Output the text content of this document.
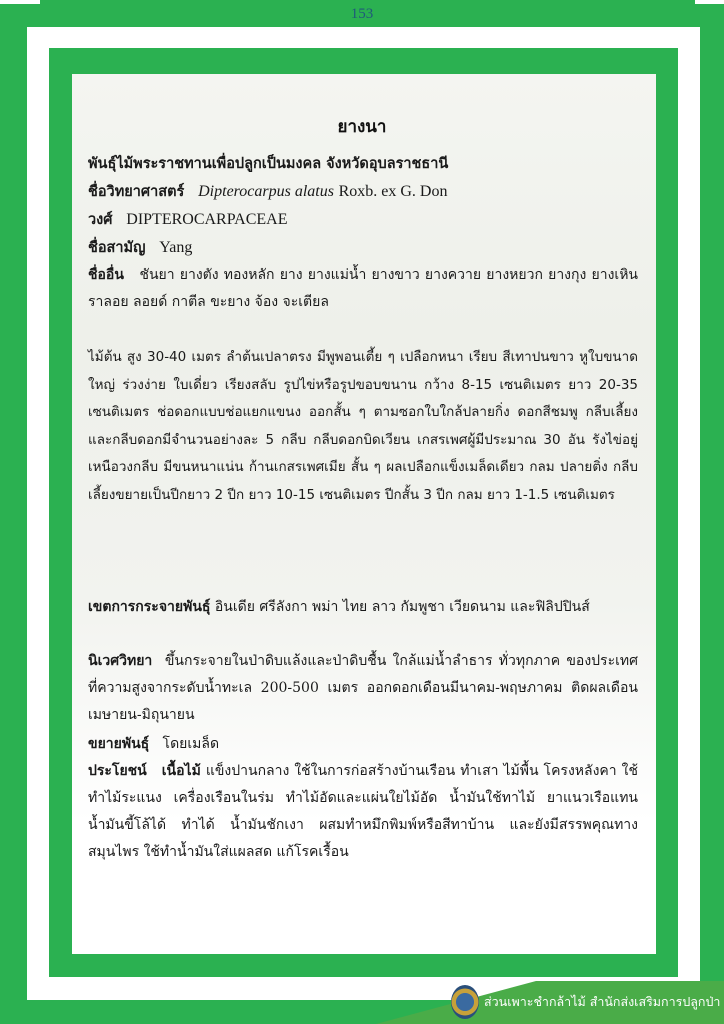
153
ยางนา
พันธุ์ไม้พระราชทานเพื่อปลูกเป็นมงคล จังหวัดอุบลราชธานี
ชื่อวิทยาศาสตร์ Dipterocarpus alatus Roxb. ex G. Don
วงศ์ DIPTEROCARPACEAE
ชื่อสามัญ Yang
ชื่ออื่น ชันยา ยางตัง ทองหลัก ยาง ยางแม่น้ำ ยางขาว ยางควาย ยางหยวก ยางกุง ยางเหิน ราลอย ลอยด์ กาตีล ขะยาง จ้อง จะเตียล
ไม้ต้น สูง 30-40 เมตร ลำต้นเปลาตรง มีพูพอนเตี้ย ๆ เปลือกหนา เรียบ สีเทาปนขาว หูใบขนาดใหญ่ ร่วงง่าย ใบเดี่ยว เรียงสลับ รูปไข่หรือรูปขอบขนาน กว้าง 8-15 เซนติเมตร ยาว 20-35 เซนติเมตร ช่อดอกแบบช่อแยกแขนง ออกสั้น ๆ ตามซอกใบใกล้ปลายกิ่ง ดอกสีชมพู กลีบเลี้ยงและกลีบดอกมีจำนวนอย่างละ 5 กลีบ กลีบดอกบิดเวียน เกสรเพศผู้มีประมาณ 30 อัน รังไข่อยู่เหนือวงกลีบ มีขนหนาแน่น ก้านเกสรเพศเมีย สั้น ๆ ผลเปลือกแข็งเมล็ดเดียว กลม ปลายติ่ง กลีบเลี้ยงขยายเป็นปีกยาว 2 ปีก ยาว 10-15 เซนติเมตร ปีกสั้น 3 ปีก กลม ยาว 1-1.5 เซนติเมตร
เขตการกระจายพันธุ์ อินเดีย ศรีลังกา พม่า ไทย ลาว กัมพูชา เวียดนาม และฟิลิปปินส์
นิเวศวิทยา ขึ้นกระจายในป่าดิบแล้งและป่าดิบชื้น ใกล้แม่น้ำลำธาร ทั่วทุกภาค ของประเทศ ที่ความสูงจากระดับน้ำทะเล 200-500 เมตร ออกดอกเดือนมีนาคม-พฤษภาคม ติดผลเดือนเมษายน-มิถุนายน
ขยายพันธุ์ โดยเมล็ด
ประโยชน์ เนื้อไม้ แข็งปานกลาง ใช้ในการก่อสร้างบ้านเรือน ทำเสา ไม้พื้น โครงหลังคา ใช้ทำไม้ระแนง เครื่องเรือนในร่ม ทำไม้อัดและแผ่นใยไม้อัด น้ำมันใช้ทาไม้ ยาแนวเรือแทนน้ำมันขี้โล้ได้ ทำได้ น้ำมันชักเงา ผสมทำหมึกพิมพ์หรือสีทาบ้าน และยังมีสรรพคุณทางสมุนไพร ใช้ทำน้ำมันใส่แผลสด แก้โรคเรื้อน
ส่วนเพาะชำกล้าไม้ สำนักส่งเสริมการปลูกป่า
